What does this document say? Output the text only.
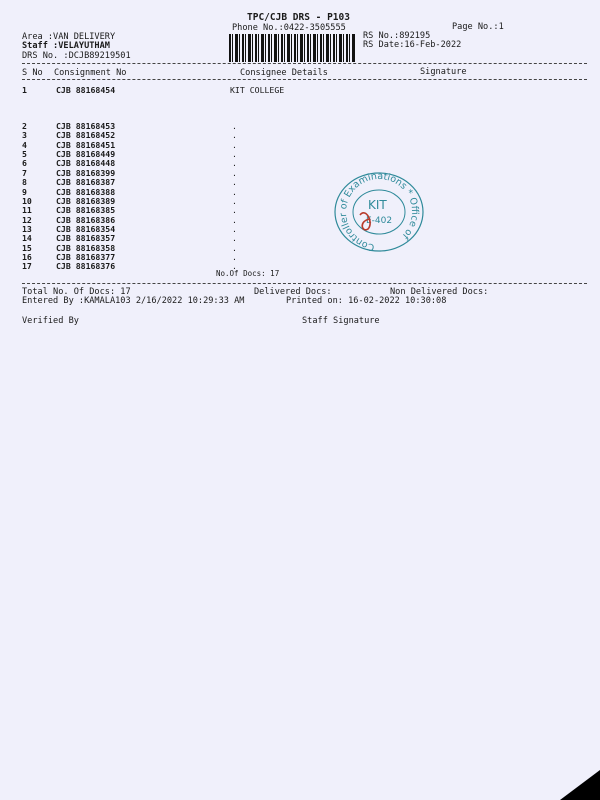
TPC/CJB DRS - P103
Phone No.:0422-3505555	Page No.:1
Area :VAN DELIVERY
Staff :VELAYUTHAM
DRS No. :DCJB89219501
RS No.:892195
RS Date:16-Feb-2022
S No Consignment No	Consignee Details	Signature
1	CJB 88168454	KIT COLLEGE
2	CJB 88168453	.
3	CJB 88168452	.
4	CJB 88168451	.
5	CJB 88168449	.
6	CJB 88168448	.
7	CJB 88168399	.
8	CJB 88168387	.
9	CJB 88168388	.
10	CJB 88168389	.
11	CJB 88168385	.
12	CJB 88168386	.
13	CJB 88168354	.
14	CJB 88168357	.
15	CJB 88168358	.
16	CJB 88168377	.
17	CJB 88168376	.
No.Of Docs: 17
Controller of Examinations * Office of
KIT
E-402
Total No. Of Docs: 17	Delivered Docs:	Non Delivered Docs:
Entered By :KAMALA103 2/16/2022 10:29:33 AM	Printed on: 16-02-2022 10:30:08
Verified By	Staff Signature
